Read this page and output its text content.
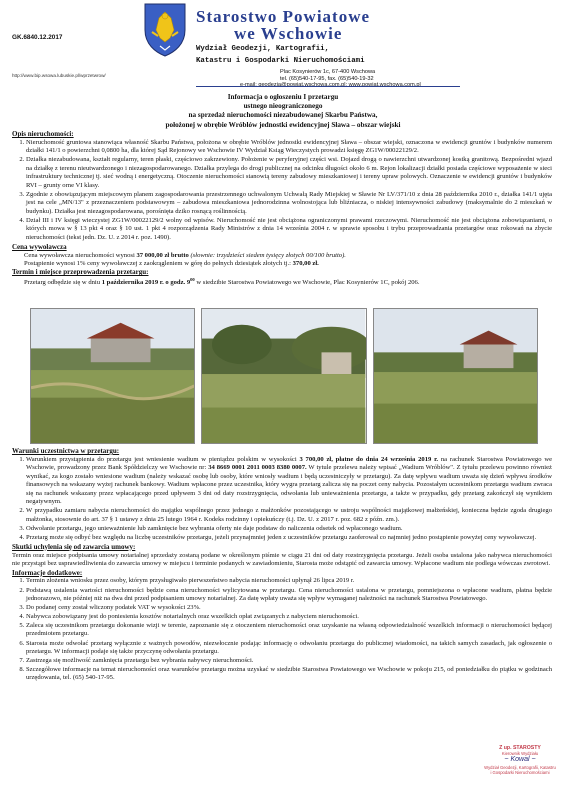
GK.6840.12.2017
http://www.bip.wsowa.lubuskie.pl/wprzetwrow/
Starostwo Powiatowe
we Wschowie
Wydział Geodezji, Kartografii,
Katastru i Gospodarki Nieruchomościami
Plac Kosynierów 1c, 67-400 Wschowa
tel. (65)540-17-95, fax. (65)540-19-32
Informacja o ogłoszeniu I przetargu
ustnego nieograniczonego
na sprzedaż nieruchomości niezabudowanej Skarbu Państwa,
położonej w obrębie Wróblów jednostki ewidencyjnej Sława – obszar wiejski
Opis nieruchomości:
1. Nieruchomość gruntowa stanowiąca własność Skarbu Państwa, położona w obrębie Wróblów jednostki ewidencyjnej Sława – obszar wiejski, oznaczona w ewidencji gruntów i budynków numerem działki 141/1 o powierzchni 0,0800 ha, dla której Sąd Rejonowy we Wschowie IV Wydział Ksiąg Wieczystych prowadzi księgę ZG1W/00022129/2.
2. Działka niezabudowana, kształt regularny, teren płaski, częściowo zakrzewiony. Położenie w peryferyjnej części wsi. Dojazd drogą o nawierzchni utwardzonej kostką granitową. Bezpośredni wjazd na działkę z terenu nieutwardzonego i niezagospodarowanego. Działka przylega do drogi publicznej na odcinku długości około 6 m. Rejon lokalizacji działki posiada częściowe wyposażenie w sieci infrastruktury technicznej tj. sieć wodną i energetyczną. Otoczenie nieruchomości stanowią tereny zabudowy mieszkaniowej i tereny upraw polowych. Oznaczenie w ewidencji gruntów i budynków RVI – grunty orne VI klasy.
3. Zgodnie z obowiązującym miejscowym planem zagospodarowania przestrzennego uchwalonym Uchwałą Rady Miejskiej w Sławie Nr LV/371/10 z dnia 28 października 2010 r., działka 141/1 ujęta jest na cele „MN/13" z przeznaczeniem podstawowym – zabudowa mieszkaniowa jednorodzinna wolnostojąca lub bliźniacza, o niskiej intensywności zabudowy (maksymalnie do 2 mieszkań w budynku). Działka jest niezagospodarowana, porośnięta dziko rosnącą roślinnością.
4. Dział III i IV księgi wieczystej ZG1W/00022129/2 wolny od wpisów. Nieruchomość nie jest obciążona ograniczonymi prawami rzeczowymi. Nieruchomość nie jest obciążona zobowiązaniami, o których mowa w § 13 pkt 4 oraz § 10 ust. 1 pkt 4 rozporządzenia Rady Ministrów z dnia 14 września 2004 r. w sprawie sposobu i trybu przeprowadzania przetargów oraz rokowań na zbycie nieruchomości (tekst jedn. Dz. U. z 2014 r. poz. 1490).
Cena wywoławcza

Cena wywoławcza nieruchomości wynosi 37 000,00 zł brutto (słownie: trzydzieści siedem tysięcy złotych 00/100 brutto).

Postąpienie wynosi 1% ceny wywoławczej z zaokrągleniem w górę do pełnych dziesiątek złotych tj.: 370,00 zł.

Termin i miejsce przeprowadzenia przetargu:

Przetarg odbędzie się w dniu 1 października 2019 r. o godz. $9^{00}$ w siedzibie Starostwa Powiatowego we Wschowie, Plac Kosynierów 1C, pokój 206.

Warunki uczestnictwa w przetargu:
1. Warunkiem przystąpienia do przetargu jest wniesienie wadium w pieniądzu polskim w wysokości 3 700,00 zł, płatne do dnia 24 września 2019 r. na rachunek Starostwa Powiatowego we Wschowie, prowadzony przez Bank Spółdzielczy we Wschowie nr: 34 8669 0001 2011 0003 8380 0007. W tytule przelewu należy wpisać „Wadium Wróblów". Z tytułu przelewu powinno również wynikać, za kogo zostało wniesione wadium (należy wskazać osobę lub osoby, które wniosły wadium i będą uczestniczyły w przetargu). Za datę wpływu wadium uważa się dzień wpływu środków finansowych na wskazany wyżej rachunek bankowy. Wadium wpłacone przez uczestnika, który wygra przetarg zalicza się na poczet ceny nabycia. Pozostałym uczestnikom przetargu wadium zwraca się na rachunek wskazany przez wpłacającego przed upływem 3 dni od daty rozstrzygnięcia, odwołania lub unieważnienia przetargu, a także w przypadku, gdy przetarg zakończył się wynikiem negatywnym.
2. W przypadku zamiaru nabycia nieruchomości do majątku wspólnego przez jednego z małżonków pozostającego w ustroju wspólności majątkowej małżeńskiej, konieczna będzie zgoda drugiego małżonka, stosownie do art. 37 § 1 ustawy z dnia 25 lutego 1964 r. Kodeks rodzinny i opiekuńczy (t.j. Dz. U. z 2017 r. poz. 682 z późn. zm.).
3. Odwołanie przetargu, jego unieważnienie lub zamknięcie bez wybrania oferty nie daje podstaw do naliczenia odsetek od wpłaconego wadium.
4. Przetarg może się odbyć bez względu na liczbę uczestników przetargu, jeżeli przynajmniej jeden z uczestników przetargu zaoferował co najmniej jedno postąpienie powyżej ceny wywoławczej.
Skutki uchylenia się od zawarcia umowy:

Termin oraz miejsce podpisania umowy notarialnej sprzedaży zostaną podane w określonym piśmie w ciągu 21 dni od daty rozstrzygnięcia przetargu. Jeżeli osoba ustalona jako nabywca nieruchomości nie przystąpi bez usprawiedliwienia do zawarcia umowy w miejscu i terminie podanych w zawiadomieniu, Starosta może odstąpić od zawarcia umowy. Wpłacone wadium nie podlega wówczas zwrotowi.

Informacje dodatkowe:
1. Termin złożenia wniosku przez osoby, którym przysługiwało pierwszeństwo nabycia nieruchomości upłynął 26 lipca 2019 r.
2. Podstawą ustalenia wartości nieruchomości będzie cena nieruchomości wylicytowana w przetargu. Cena nieruchomości ustalona w przetargu, pomniejszona o wpłacone wadium, płatna będzie jednorazowo, nie później niż na dwa dni przed podpisaniem umowy notarialnej. Za datę wpłaty uważa się wpływ wymaganej należności na rachunek Starostwa Powiatowego.
3. Do podanej ceny został wliczony podatek VAT w wysokości 23%.
4. Nabywca zobowiązany jest do poniesienia kosztów notarialnych oraz wszelkich opłat związanych z nabyciem nieruchomości.
5. Zaleca się uczestnikom przetargu dokonanie wizji w terenie, zapoznanie się z otoczeniem nieruchomości oraz uzyskanie na własną odpowiedzialność wszelkich informacji o nieruchomości będącej przedmiotem przetargu.
6. Starosta może odwołać przetarg wyłącznie z ważnych powodów, niezwłocznie podając informację o odwołaniu przetargu do publicznej wiadomości, na takich samych zasadach, jak ogłoszenie o przetargu. W informacji podaje się także przyczynę odwołania przetargu.
7. Zastrzega się możliwość zamknięcia przetargu bez wybrania nabywcy nieruchomości.
8. Szczegółowe informacje na temat nieruchomości oraz warunków przetargu można uzyskać w siedzibie Starostwa Powiatowego we Wschowie w pokoju 215, od poniedziałku do piątku w godzinach urzędowania, tel. (65) 540-17-95.
Z up. STAROSTY
Kierownik Wydziału
~ Kowal ~
Wydział Geodezji, Kartografii, Katastru
i Gospodarki Nieruchomościami
